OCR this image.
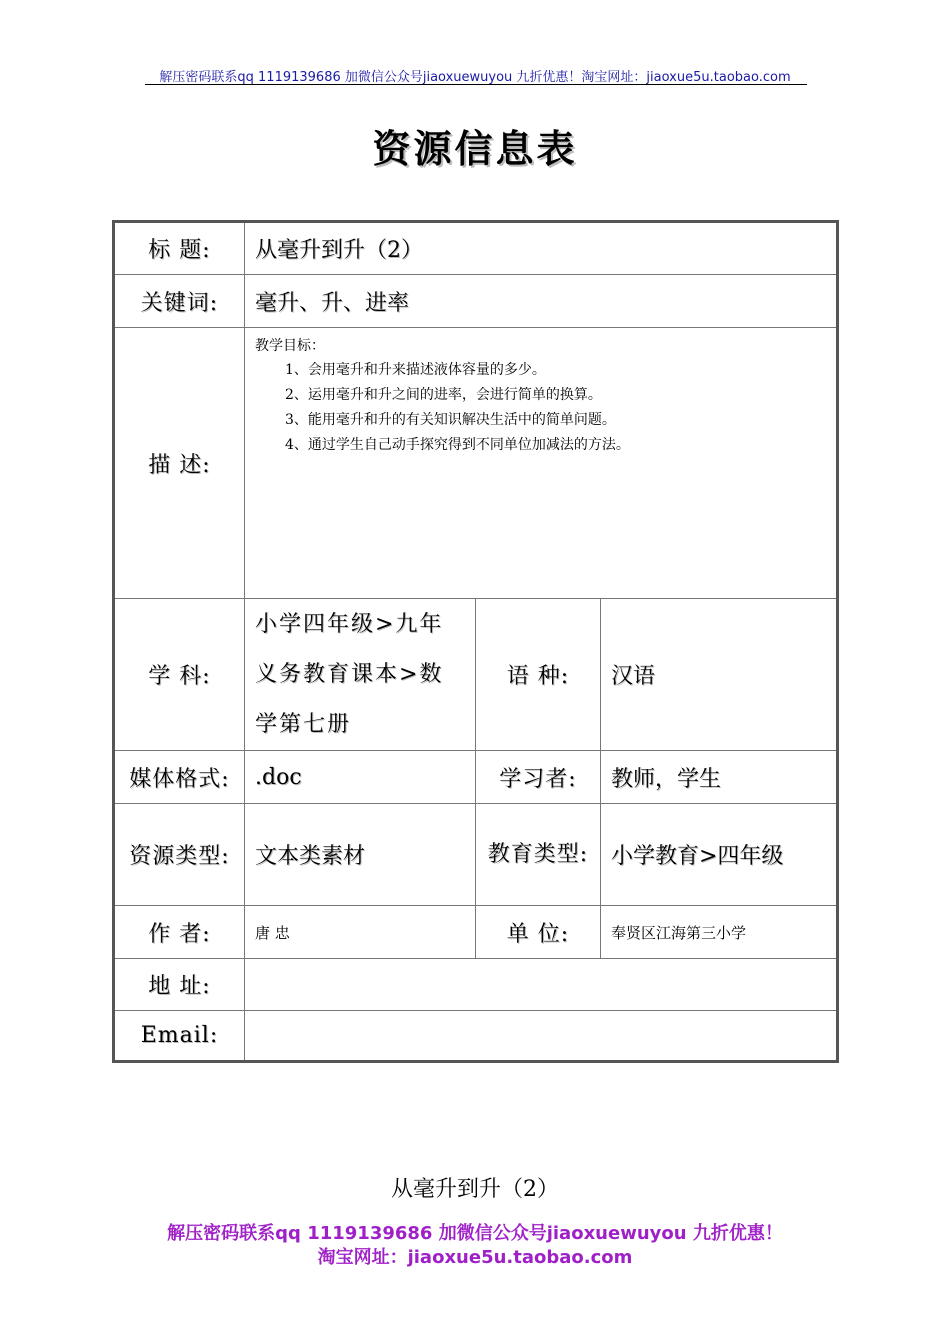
解压密码联系qq 1119139686 加微信公众号jiaoxuewuyou 九折优惠！淘宝网址：jiaoxue5u.taobao.com
资源信息表
标 题:	从毫升到升（2）		
关键词:	毫升、升、进率		
描 述:	教学目标：
1、会用毫升和升来描述液体容量的多少。
2、运用毫升和升之间的进率，会进行简单的换算。
3、能用毫升和升的有关知识解决生活中的简单问题。
4、通过学生自己动手探究得到不同单位加减法的方法。		

学 科:	小学四年级>九年义务教育课本>数学第七册	语 种:	汉语
媒体格式:	.doc	学习者:	教师，学生
资源类型:	文本类素材	教育类型:	小学教育>四年级
作 者:	唐 忠	单 位:	奉贤区江海第三小学
地 址:			
Email:			
从毫升到升（2）
解压密码联系qq 1119139686 加微信公众号jiaoxuewuyou 九折优惠！
淘宝网址：jiaoxue5u.taobao.com
